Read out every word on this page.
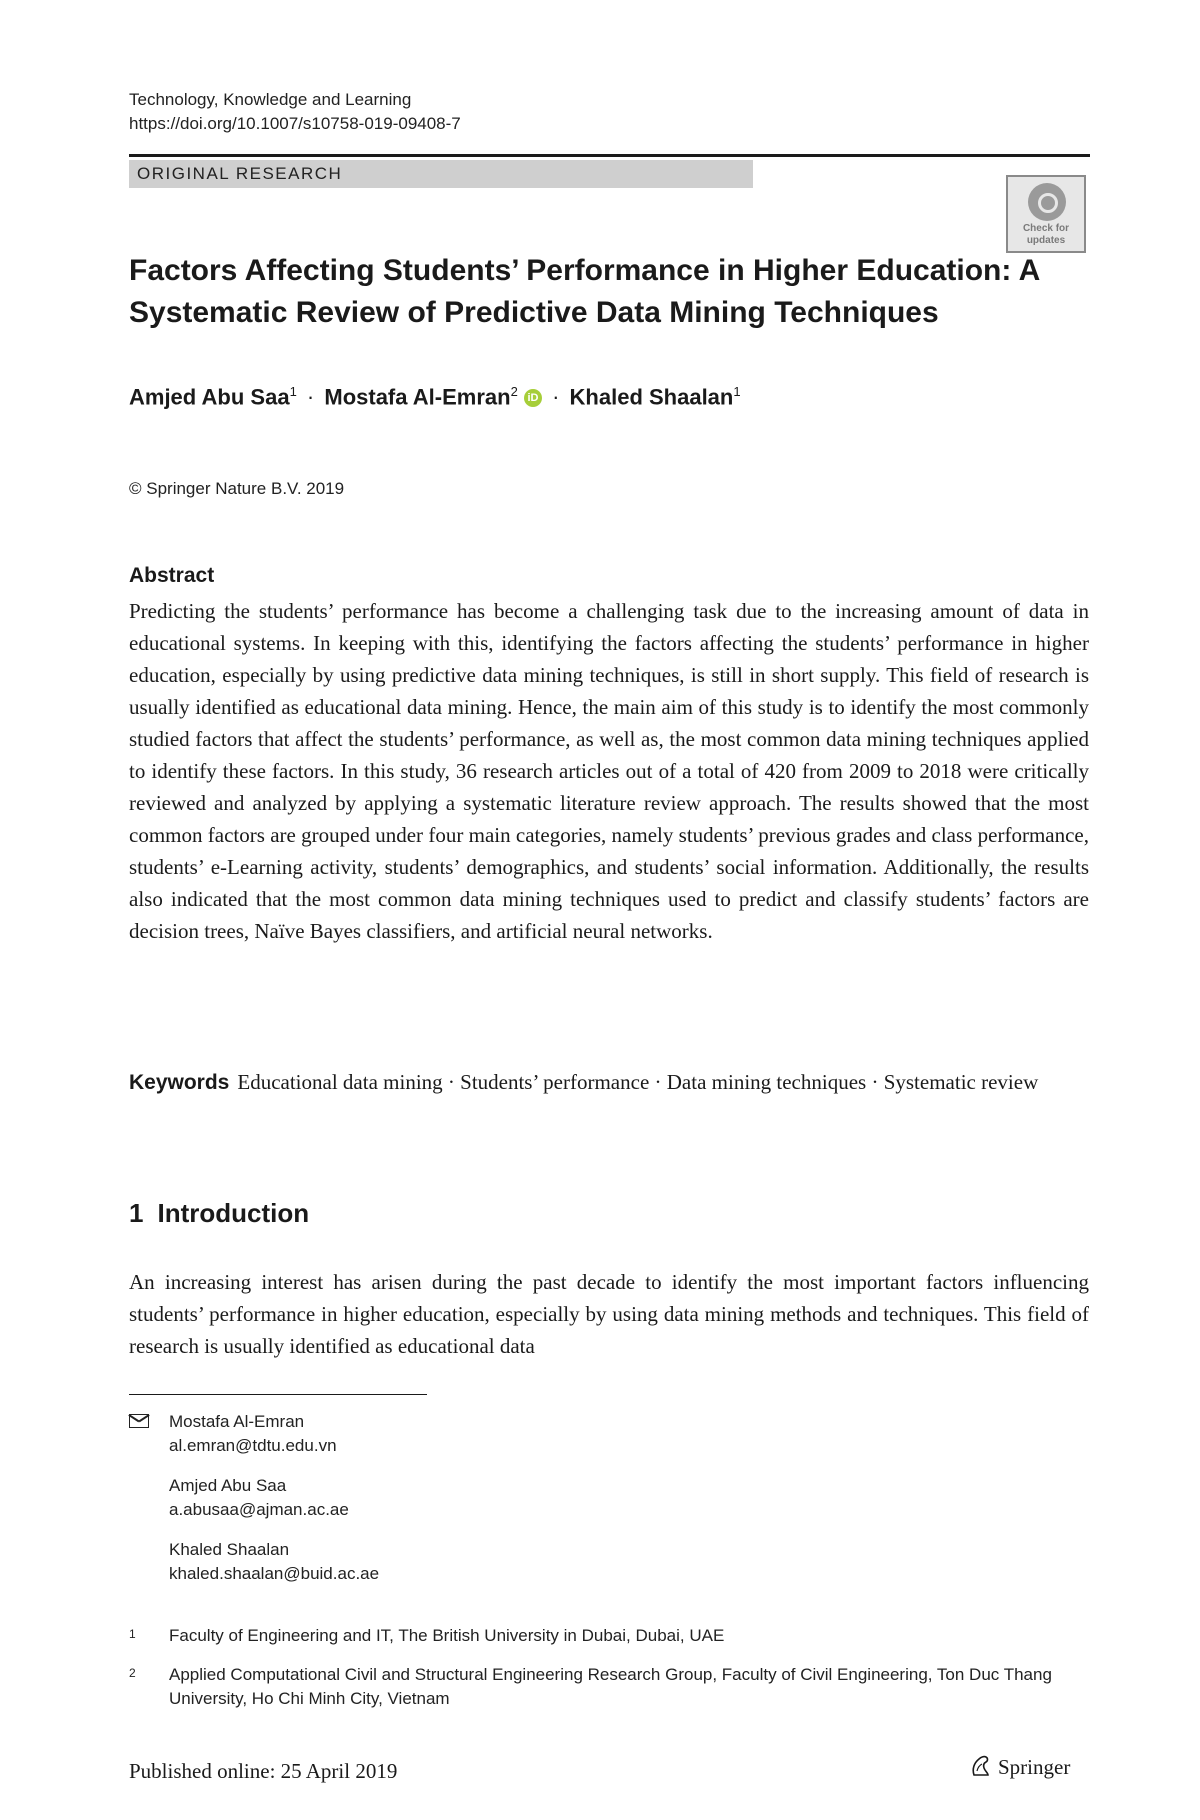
Technology, Knowledge and Learning
https://doi.org/10.1007/s10758-019-09408-7
ORIGINAL RESEARCH
Check for updates
Factors Affecting Students’ Performance in Higher Education: A Systematic Review of Predictive Data Mining Techniques
Amjed Abu Saa$^1$ · Mostafa Al-Emran$^2$ iD · Khaled Shaalan$^1$
© Springer Nature B.V. 2019
Abstract
Predicting the students’ performance has become a challenging task due to the increasing amount of data in educational systems. In keeping with this, identifying the factors affecting the students’ performance in higher education, especially by using predictive data mining techniques, is still in short supply. This field of research is usually identified as educational data mining. Hence, the main aim of this study is to identify the most commonly studied factors that affect the students’ performance, as well as, the most common data mining techniques applied to identify these factors. In this study, 36 research articles out of a total of 420 from 2009 to 2018 were critically reviewed and analyzed by applying a systematic literature review approach. The results showed that the most common factors are grouped under four main categories, namely students’ previous grades and class performance, students’ e-Learning activity, students’ demographics, and students’ social information. Additionally, the results also indicated that the most common data mining techniques used to predict and classify students’ factors are decision trees, Naïve Bayes classifiers, and artificial neural networks.
Keywords Educational data mining · Students’ performance · Data mining techniques · Systematic review
1 Introduction
An increasing interest has arisen during the past decade to identify the most important factors influencing students’ performance in higher education, especially by using data mining methods and techniques. This field of research is usually identified as educational data
Mostafa Al-Emran
al.emran@tdtu.edu.vn
Amjed Abu Saa
a.abusaa@ajman.ac.ae
Khaled Shaalan
khaled.shaalan@buid.ac.ae
1 Faculty of Engineering and IT, The British University in Dubai, Dubai, UAE
2 Applied Computational Civil and Structural Engineering Research Group, Faculty of Civil Engineering, Ton Duc Thang University, Ho Chi Minh City, Vietnam
Published online: 25 April 2019	Springer
